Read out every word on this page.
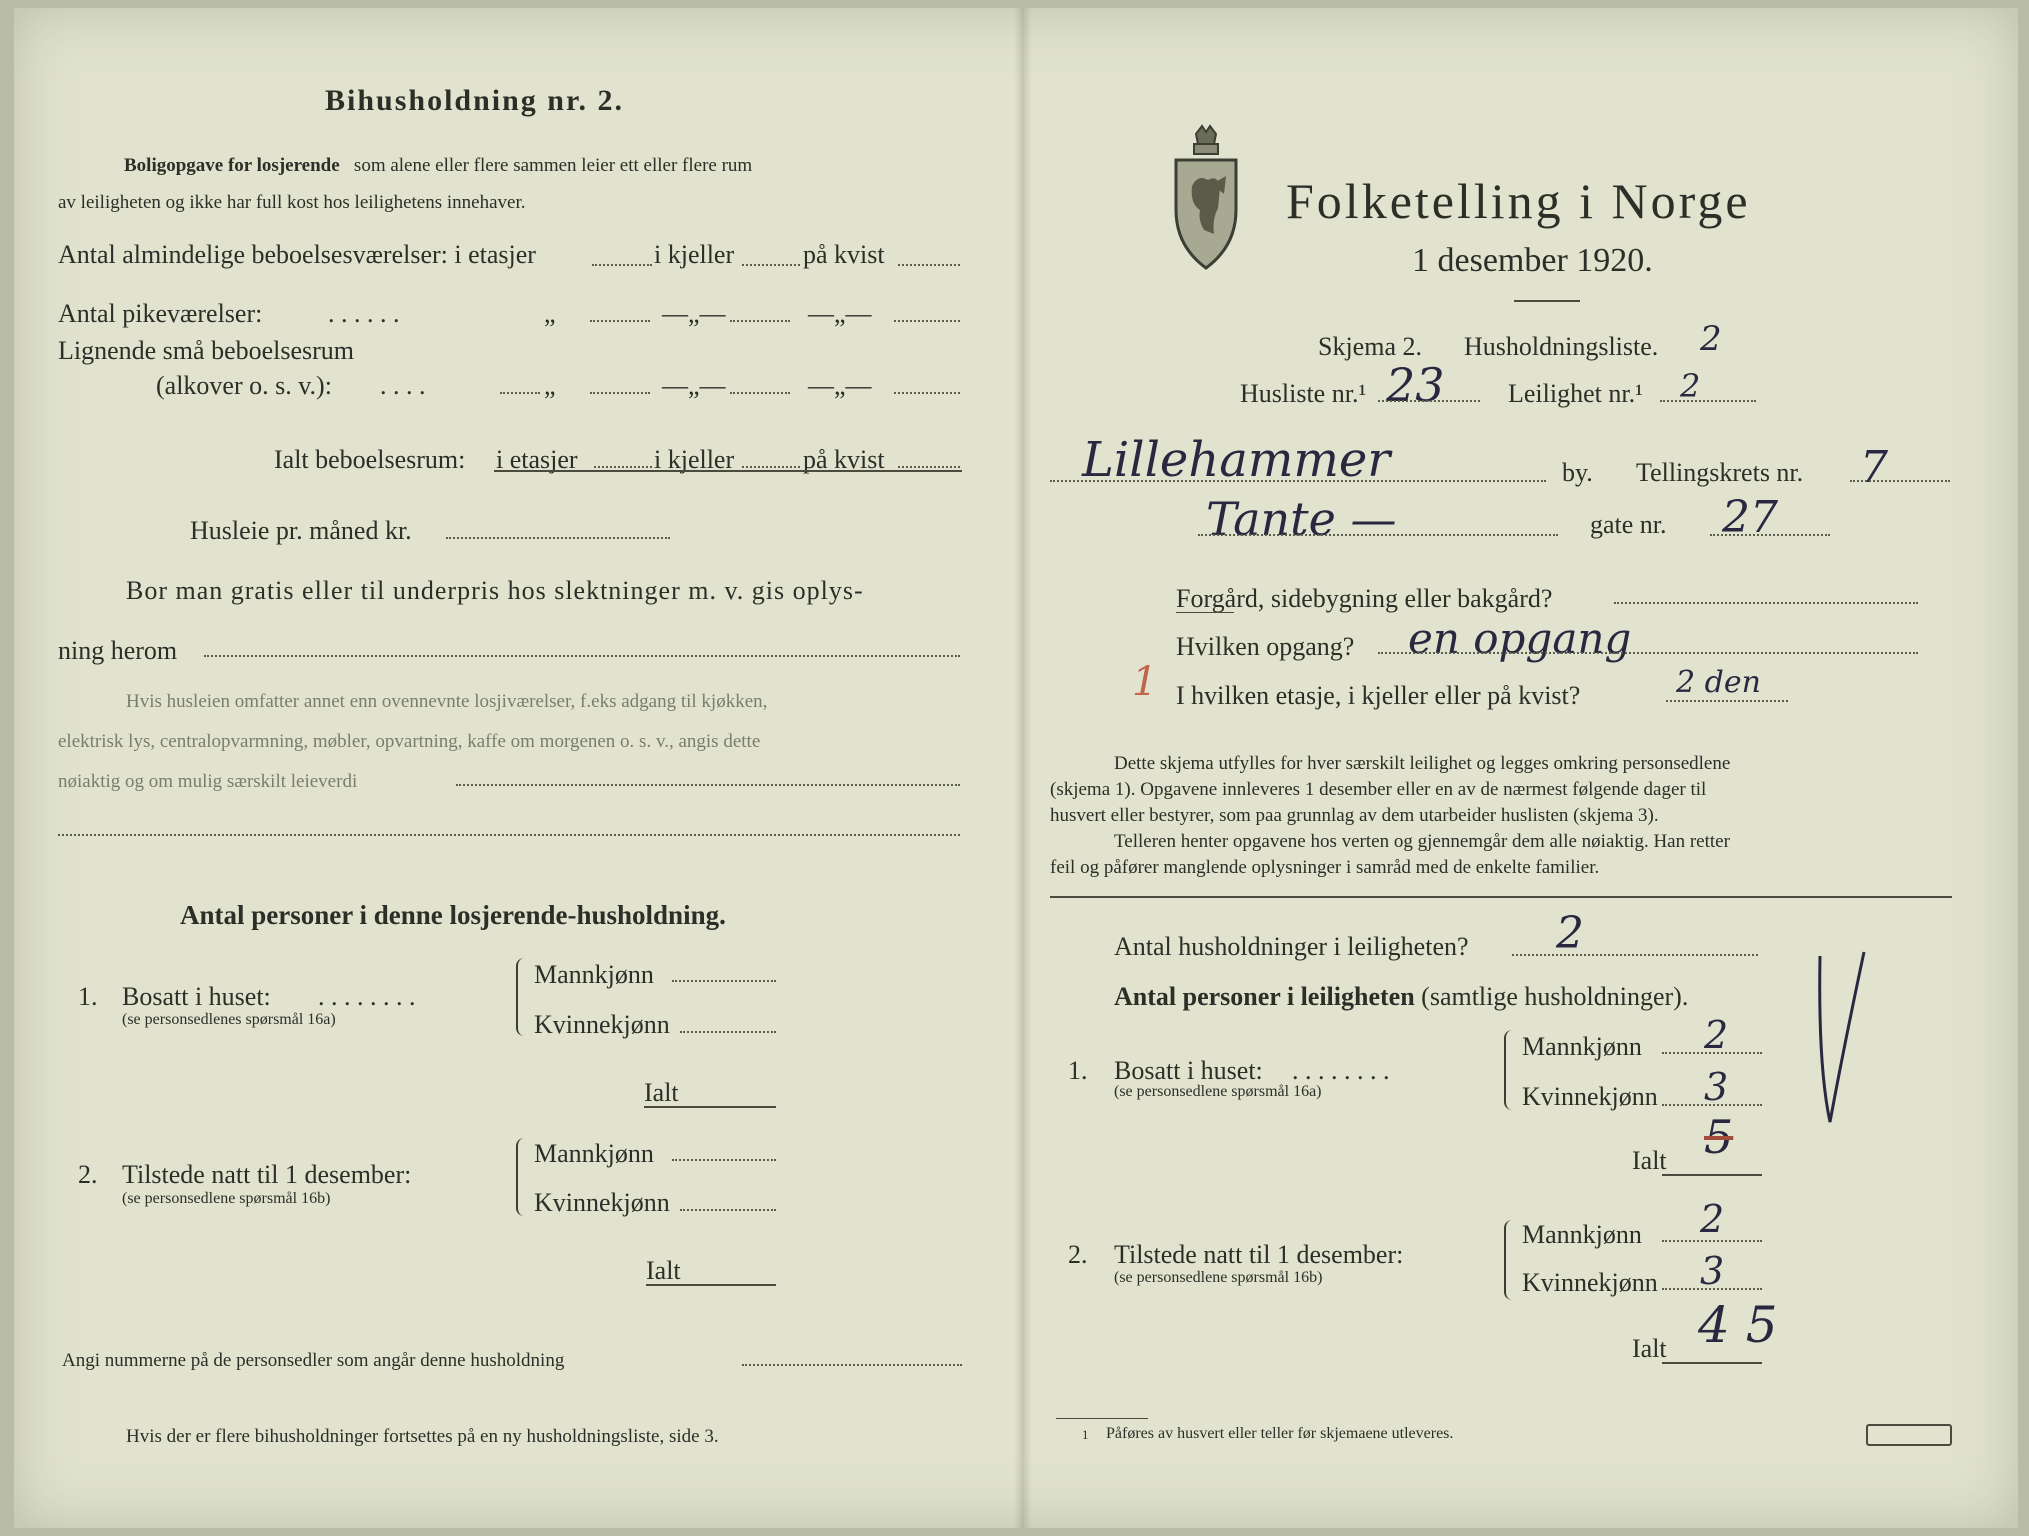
Bihusholdning nr. 2.
Boligopgave for losjerende som alene eller flere sammen leier ett eller flere rum
av leiligheten og ikke har full kost hos leilighetens innehaver.
Antal almindelige beboelsesværelser: i etasjer	i kjeller	på kvist
Antal pikeværelser:	. . . . . .	„	—„—	—„—
Lignende små beboelsesrum
(alkover o. s. v.): . . . .	„	—„—	—„—
Ialt beboelsesrum: i etasjer	i kjeller	på kvist
Husleie pr. måned kr.
Bor man gratis eller til underpris hos slektninger m. v. gis oplys-
ning herom
Hvis husleien omfatter annet enn ovennevnte losjiværelser, f.eks adgang til kjøkken,
elektrisk lys, centralopvarmning, møbler, opvartning, kaffe om morgenen o. s. v., angis dette
nøiaktig og om mulig særskilt leieverdi
Antal personer i denne losjerende-husholdning.
1. Bosatt i huset: . . . . . . . .
(se personsedlenes spørsmål 16a)
Mannkjønn
Kvinnekjønn
Ialt
2. Tilstede natt til 1 desember:
(se personsedlene spørsmål 16b)
Mannkjønn
Kvinnekjønn
Ialt
Angi nummerne på de personsedler som angår denne husholdning
Hvis der er flere bihusholdninger fortsettes på en ny husholdningsliste, side 3.
Folketelling i Norge
1 desember 1920.
Skjema 2. Husholdningsliste. 2
Husliste nr.¹ 23 Leilighet nr.¹ 2
Lillehammer	by. Tellingskrets nr. 7
Tante —	gate nr. 27
Forgård, sidebygning eller bakgård?
Hvilken opgang? en opgang
1 I hvilken etasje, i kjeller eller på kvist?	2 den
Dette skjema utfylles for hver særskilt leilighet og legges omkring personsedlene
(skjema 1). Opgavene innleveres 1 desember eller en av de nærmest følgende dager til
husvert eller bestyrer, som paa grunnlag av dem utarbeider huslisten (skjema 3).
Telleren henter opgavene hos verten og gjennemgår dem alle nøiaktig. Han retter
feil og påfører manglende oplysninger i samråd med de enkelte familier.
Antal husholdninger i leiligheten? 2
Antal personer i leiligheten (samtlige husholdninger).
1. Bosatt i huset: . . . . . . . .
(se personsedlene spørsmål 16a)
Mannkjønn 2
Kvinnekjønn 3
Ialt 5
2. Tilstede natt til 1 desember:
(se personsedlene spørsmål 16b)
Mannkjønn 2
Kvinnekjønn 3
Ialt 4 5
1 Påføres av husvert eller teller før skjemaene utleveres.
